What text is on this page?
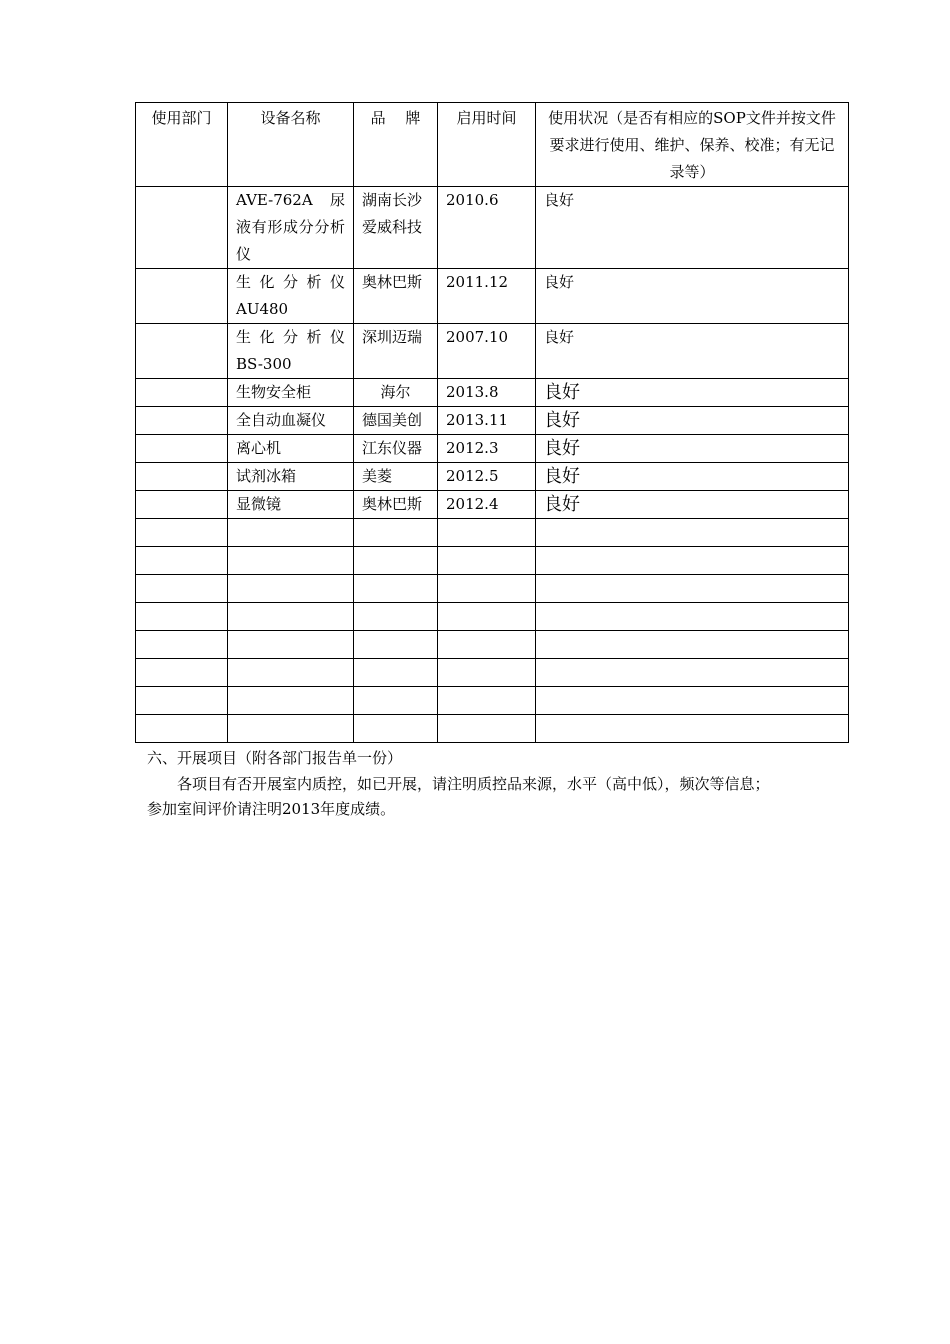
使用部门	设备名称	品　 牌	启用时间	使用状况（是否有相应的SOP文件并按文件要求进行使用、维护、保养、校准；有无记录等）
	AVE-762A 尿液有形成分分析仪	湖南长沙爱威科技	2010.6	良好
	生 化 分 析 仪 AU480	奥林巴斯	2011.12	良好
	生 化 分 析 仪 BS-300	深圳迈瑞	2007.10	良好
	生物安全柜	海尔	2013.8	良好
	全自动血凝仪	德国美创	2013.11	良好
	离心机	江东仪器	2012.3	良好
	试剂冰箱	美菱	2012.5	良好
	显微镜	奥林巴斯	2012.4	良好

六、开展项目（附各部门报告单一份）
各项目有否开展室内质控，如已开展，请注明质控品来源，水平（高中低），频次等信息；
参加室间评价请注明2013年度成绩。
